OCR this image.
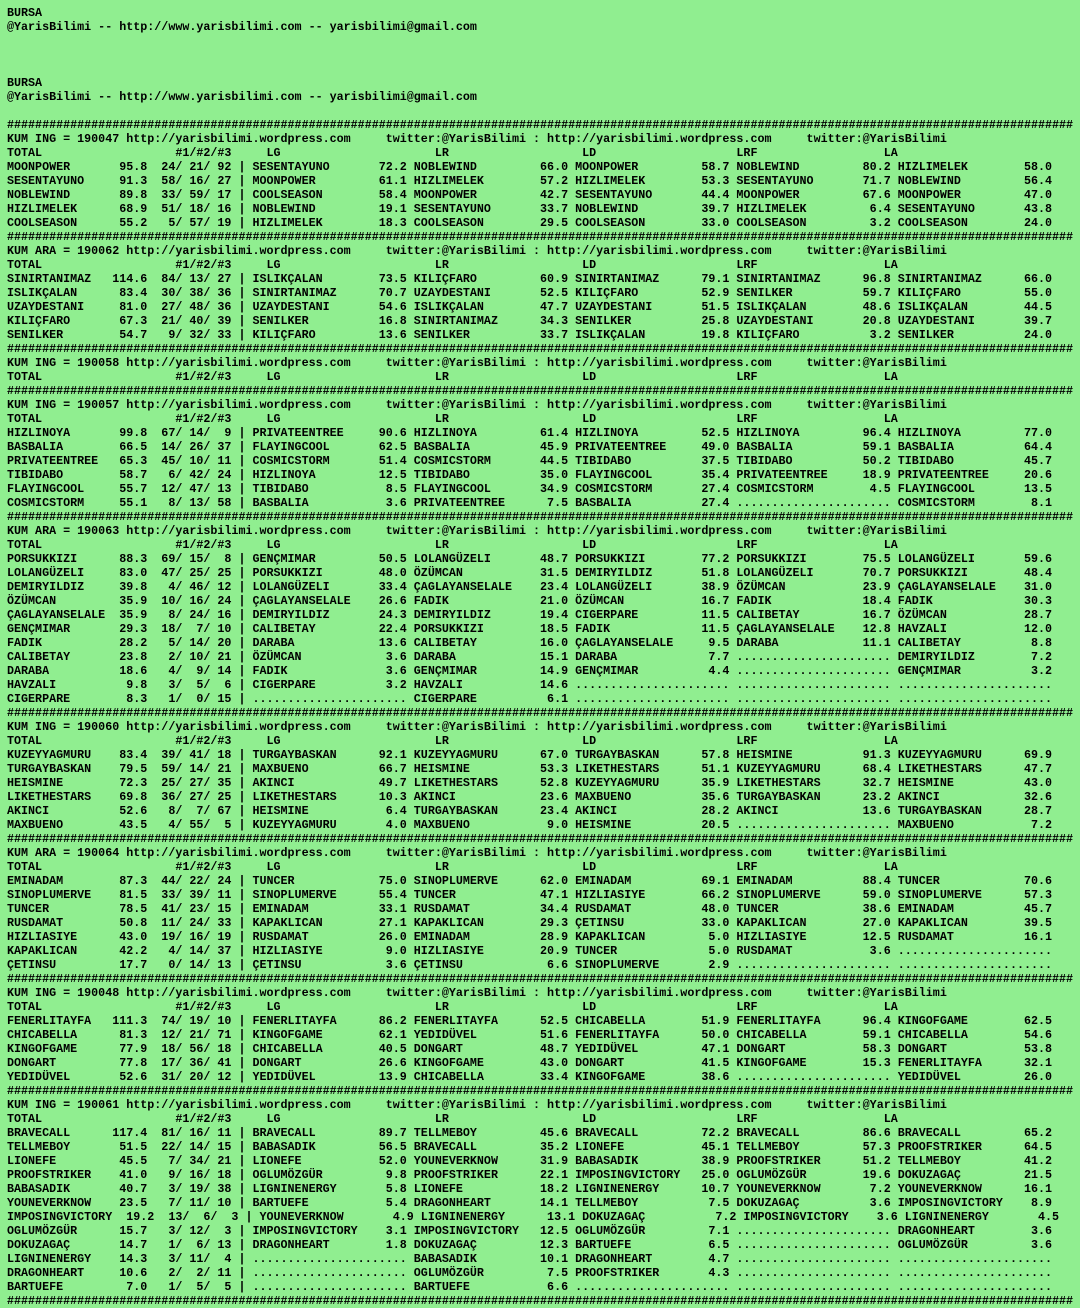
BURSA
@YarisBilimi -- http://www.yarisbilimi.com -- yarisbilimi@gmail.com
BURSA
@YarisBilimi -- http://www.yarisbilimi.com -- yarisbilimi@gmail.com
########################################################################################################################################################
KUM ING = 190047 http://yarisbilimi.wordpress.com     twitter:@YarisBilimi : http://yarisbilimi.wordpress.com     twitter:@YarisBilimi
TOTAL                   #1/#2/#3     LG                      LR                   LD                    LRF                  LA
MOONPOWER       95.8  24/ 21/ 92 | SESENTAYUNO       72.2 NOBLEWIND         66.0 MOONPOWER         58.7 NOBLEWIND         80.2 HIZLIMELEK        58.0
SESENTAYUNO     91.3  58/ 16/ 27 | MOONPOWER         61.1 HIZLIMELEK        57.2 HIZLIMELEK        53.3 SESENTAYUNO       71.7 NOBLEWIND         56.4
NOBLEWIND       89.8  33/ 59/ 17 | COOLSEASON        58.4 MOONPOWER         42.7 SESENTAYUNO       44.4 MOONPOWER         67.6 MOONPOWER         47.0
HIZLIMELEK      68.9  51/ 18/ 16 | NOBLEWIND         19.1 SESENTAYUNO       33.7 NOBLEWIND         39.7 HIZLIMELEK         6.4 SESENTAYUNO       43.8
COOLSEASON      55.2   5/ 57/ 19 | HIZLIMELEK        18.3 COOLSEASON        29.5 COOLSEASON        33.0 COOLSEASON         3.2 COOLSEASON        24.0
########################################################################################################################################################
KUM ARA = 190062 http://yarisbilimi.wordpress.com     twitter:@YarisBilimi : http://yarisbilimi.wordpress.com     twitter:@YarisBilimi
TOTAL                   #1/#2/#3     LG                      LR                   LD                    LRF                  LA
SINIRTANIMAZ   114.6  84/ 13/ 27 | ISLIKÇALAN        73.5 KILIÇFARO         60.9 SINIRTANIMAZ      79.1 SINIRTANIMAZ      96.8 SINIRTANIMAZ      66.0
ISLIKÇALAN      83.4  30/ 38/ 36 | SINIRTANIMAZ      70.7 UZAYDESTANI       52.5 KILIÇFARO         52.9 SENILKER          59.7 KILIÇFARO         55.0
UZAYDESTANI     81.0  27/ 48/ 36 | UZAYDESTANI       54.6 ISLIKÇALAN        47.7 UZAYDESTANI       51.5 ISLIKÇALAN        48.6 ISLIKÇALAN        44.5
KILIÇFARO       67.3  21/ 40/ 39 | SENILKER          16.8 SINIRTANIMAZ      34.3 SENILKER          25.8 UZAYDESTANI       20.8 UZAYDESTANI       39.7
SENILKER        54.7   9/ 32/ 33 | KILIÇFARO         13.6 SENILKER          33.7 ISLIKÇALAN        19.8 KILIÇFARO          3.2 SENILKER          24.0
########################################################################################################################################################
KUM ING = 190058 http://yarisbilimi.wordpress.com     twitter:@YarisBilimi : http://yarisbilimi.wordpress.com     twitter:@YarisBilimi
TOTAL                   #1/#2/#3     LG                      LR                   LD                    LRF                  LA
########################################################################################################################################################
KUM ING = 190057 http://yarisbilimi.wordpress.com     twitter:@YarisBilimi : http://yarisbilimi.wordpress.com     twitter:@YarisBilimi
TOTAL                   #1/#2/#3     LG                      LR                   LD                    LRF                  LA
HIZLINOYA       99.8  67/ 14/  9 | PRIVATEENTREE     90.6 HIZLINOYA         61.4 HIZLINOYA         52.5 HIZLINOYA         96.4 HIZLINOYA         77.0
BASBALIA        66.5  14/ 26/ 37 | FLAYINGCOOL       62.5 BASBALIA          45.9 PRIVATEENTREE     49.0 BASBALIA          59.1 BASBALIA          64.4
PRIVATEENTREE   65.3  45/ 10/ 11 | COSMICSTORM       51.4 COSMICSTORM       44.5 TIBIDABO          37.5 TIBIDABO          50.2 TIBIDABO          45.7
TIBIDABO        58.7   6/ 42/ 24 | HIZLINOYA         12.5 TIBIDABO          35.0 FLAYINGCOOL       35.4 PRIVATEENTREE     18.9 PRIVATEENTREE     20.6
FLAYINGCOOL     55.7  12/ 47/ 13 | TIBIDABO           8.5 FLAYINGCOOL       34.9 COSMICSTORM       27.4 COSMICSTORM        4.5 FLAYINGCOOL       13.5
COSMICSTORM     55.1   8/ 13/ 58 | BASBALIA           3.6 PRIVATEENTREE      7.5 BASBALIA          27.4 ...................... COSMICSTORM        8.1
########################################################################################################################################################
KUM ARA = 190063 http://yarisbilimi.wordpress.com     twitter:@YarisBilimi : http://yarisbilimi.wordpress.com     twitter:@YarisBilimi
TOTAL                   #1/#2/#3     LG                      LR                   LD                    LRF                  LA
PORSUKKIZI      88.3  69/ 15/  8 | GENÇMIMAR         50.5 LOLANGÜZELI       48.7 PORSUKKIZI        77.2 PORSUKKIZI        75.5 LOLANGÜZELI       59.6
LOLANGÜZELI     83.0  47/ 25/ 25 | PORSUKKIZI        48.0 ÖZÜMCAN           31.5 DEMIRYILDIZ       51.8 LOLANGÜZELI       70.7 PORSUKKIZI        48.4
DEMIRYILDIZ     39.8   4/ 46/ 12 | LOLANGÜZELI       33.4 ÇAGLAYANSELALE    23.4 LOLANGÜZELI       38.9 ÖZÜMCAN           23.9 ÇAGLAYANSELALE    31.0
ÖZÜMCAN         35.9  10/ 16/ 24 | ÇAGLAYANSELALE    26.6 FADIK             21.0 ÖZÜMCAN           16.7 FADIK             18.4 FADIK             30.3
ÇAGLAYANSELALE  35.9   8/ 24/ 16 | DEMIRYILDIZ       24.3 DEMIRYILDIZ       19.4 CIGERPARE         11.5 CALIBETAY         16.7 ÖZÜMCAN           28.7
GENÇMIMAR       29.3  18/  7/ 10 | CALIBETAY         22.4 PORSUKKIZI        18.5 FADIK             11.5 ÇAGLAYANSELALE    12.8 HAVZALI           12.0
FADIK           28.2   5/ 14/ 20 | DARABA            13.6 CALIBETAY         16.0 ÇAGLAYANSELALE     9.5 DARABA            11.1 CALIBETAY          8.8
CALIBETAY       23.8   2/ 10/ 21 | ÖZÜMCAN            3.6 DARABA            15.1 DARABA             7.7 ...................... DEMIRYILDIZ        7.2
DARABA          18.6   4/  9/ 14 | FADIK              3.6 GENÇMIMAR         14.9 GENÇMIMAR          4.4 ...................... GENÇMIMAR          3.2
HAVZALI          9.8   3/  5/  6 | CIGERPARE          3.2 HAVZALI           14.6 ...................... ...................... ......................
CIGERPARE        8.3   1/  0/ 15 | ...................... CIGERPARE          6.1 ...................... ...................... ......................
########################################################################################################################################################
KUM ING = 190060 http://yarisbilimi.wordpress.com     twitter:@YarisBilimi : http://yarisbilimi.wordpress.com     twitter:@YarisBilimi
TOTAL                   #1/#2/#3     LG                      LR                   LD                    LRF                  LA
KUZEYYAGMURU    83.4  39/ 41/ 18 | TURGAYBASKAN      92.1 KUZEYYAGMURU      67.0 TURGAYBASKAN      57.8 HEISMINE          91.3 KUZEYYAGMURU      69.9
TURGAYBASKAN    79.5  59/ 14/ 21 | MAXBUENO          66.7 HEISMINE          53.3 LIKETHESTARS      51.1 KUZEYYAGMURU      68.4 LIKETHESTARS      47.7
HEISMINE        72.3  25/ 27/ 35 | AKINCI            49.7 LIKETHESTARS      52.8 KUZEYYAGMURU      35.9 LIKETHESTARS      32.7 HEISMINE          43.0
LIKETHESTARS    69.8  36/ 27/ 25 | LIKETHESTARS      10.3 AKINCI            23.6 MAXBUENO          35.6 TURGAYBASKAN      23.2 AKINCI            32.6
AKINCI          52.6   8/  7/ 67 | HEISMINE           6.4 TURGAYBASKAN      23.4 AKINCI            28.2 AKINCI            13.6 TURGAYBASKAN      28.7
MAXBUENO        43.5   4/ 55/  5 | KUZEYYAGMURU       4.0 MAXBUENO           9.0 HEISMINE          20.5 ...................... MAXBUENO           7.2
########################################################################################################################################################
KUM ARA = 190064 http://yarisbilimi.wordpress.com     twitter:@YarisBilimi : http://yarisbilimi.wordpress.com     twitter:@YarisBilimi
TOTAL                   #1/#2/#3     LG                      LR                   LD                    LRF                  LA
EMINADAM        87.3  44/ 22/ 24 | TUNCER            75.0 SINOPLUMERVE      62.0 EMINADAM          69.1 EMINADAM          88.4 TUNCER            70.6
SINOPLUMERVE    81.5  33/ 39/ 11 | SINOPLUMERVE      55.4 TUNCER            47.1 HIZLIASIYE        66.2 SINOPLUMERVE      59.0 SINOPLUMERVE      57.3
TUNCER          78.5  41/ 23/ 15 | EMINADAM          33.1 RUSDAMAT          34.4 RUSDAMAT          48.0 TUNCER            38.6 EMINADAM          45.7
RUSDAMAT        50.8  11/ 24/ 33 | KAPAKLICAN        27.1 KAPAKLICAN        29.3 ÇETINSU           33.0 KAPAKLICAN        27.0 KAPAKLICAN        39.5
HIZLIASIYE      43.0  19/ 16/ 19 | RUSDAMAT          26.0 EMINADAM          28.9 KAPAKLICAN         5.0 HIZLIASIYE        12.5 RUSDAMAT          16.1
KAPAKLICAN      42.2   4/ 14/ 37 | HIZLIASIYE         9.0 HIZLIASIYE        20.9 TUNCER             5.0 RUSDAMAT           3.6 ......................
ÇETINSU         17.7   0/ 14/ 13 | ÇETINSU            3.6 ÇETINSU            6.6 SINOPLUMERVE       2.9 ...................... ......................
########################################################################################################################################################
KUM ING = 190048 http://yarisbilimi.wordpress.com     twitter:@YarisBilimi : http://yarisbilimi.wordpress.com     twitter:@YarisBilimi
TOTAL                   #1/#2/#3     LG                      LR                   LD                    LRF                  LA
FENERLITAYFA   111.3  74/ 19/ 10 | FENERLITAYFA      86.2 FENERLITAYFA      52.5 CHICABELLA        51.9 FENERLITAYFA      96.4 KINGOFGAME        62.5
CHICABELLA      81.3  12/ 21/ 71 | KINGOFGAME        62.1 YEDIDÜVEL         51.6 FENERLITAYFA      50.0 CHICABELLA        59.1 CHICABELLA        54.6
KINGOFGAME      77.9  18/ 56/ 18 | CHICABELLA        40.5 DONGART           48.7 YEDIDÜVEL         47.1 DONGART           58.3 DONGART           53.8
DONGART         77.8  17/ 36/ 41 | DONGART           26.6 KINGOFGAME        43.0 DONGART           41.5 KINGOFGAME        15.3 FENERLITAYFA      32.1
YEDIDÜVEL       52.6  31/ 20/ 12 | YEDIDÜVEL         13.9 CHICABELLA        33.4 KINGOFGAME        38.6 ...................... YEDIDÜVEL         26.0
########################################################################################################################################################
KUM ING = 190061 http://yarisbilimi.wordpress.com     twitter:@YarisBilimi : http://yarisbilimi.wordpress.com     twitter:@YarisBilimi
TOTAL                   #1/#2/#3     LG                      LR                   LD                    LRF                  LA
BRAVECALL      117.4  81/ 16/ 11 | BRAVECALL         89.7 TELLMEBOY         45.6 BRAVECALL         72.2 BRAVECALL         86.6 BRAVECALL         65.2
TELLMEBOY       51.5  22/ 14/ 15 | BABASADIK         56.5 BRAVECALL         35.2 LIONEFE           45.1 TELLMEBOY         57.3 PROOFSTRIKER      64.5
LIONEFE         45.5   7/ 34/ 21 | LIONEFE           52.0 YOUNEVERKNOW      31.9 BABASADIK         38.9 PROOFSTRIKER      51.2 TELLMEBOY         41.2
PROOFSTRIKER    41.0   9/ 16/ 18 | OGLUMÖZGÜR         9.8 PROOFSTRIKER      22.1 IMPOSINGVICTORY   25.0 OGLUMÖZGÜR        19.6 DOKUZAGAÇ         21.5
BABASADIK       40.7   3/ 19/ 38 | LIGNINENERGY       5.8 LIONEFE           18.2 LIGNINENERGY      10.7 YOUNEVERKNOW       7.2 YOUNEVERKNOW      16.1
YOUNEVERKNOW    23.5   7/ 11/ 10 | BARTUEFE           5.4 DRAGONHEART       14.1 TELLMEBOY          7.5 DOKUZAGAÇ          3.6 IMPOSINGVICTORY    8.9
IMPOSINGVICTORY  19.2  13/  6/  3 | YOUNEVERKNOW       4.9 LIGNINENERGY      13.1 DOKUZAGAÇ          7.2 IMPOSINGVICTORY    3.6 LIGNINENERGY       4.5
OGLUMÖZGÜR      15.7   3/ 12/  3 | IMPOSINGVICTORY    3.1 IMPOSINGVICTORY   12.5 OGLUMÖZGÜR         7.1 ...................... DRAGONHEART        3.6
DOKUZAGAÇ       14.7   1/  6/ 13 | DRAGONHEART        1.8 DOKUZAGAÇ         12.3 BARTUEFE           6.5 ...................... OGLUMÖZGÜR         3.6
LIGNINENERGY    14.3   3/ 11/  4 | ...................... BABASADIK         10.1 DRAGONHEART        4.7 ...................... ......................
DRAGONHEART     10.6   2/  2/ 11 | ...................... OGLUMÖZGÜR         7.5 PROOFSTRIKER       4.3 ...................... ......................
BARTUEFE         7.0   1/  5/  5 | ...................... BARTUEFE           6.6 ...................... ...................... ......................
########################################################################################################################################################
